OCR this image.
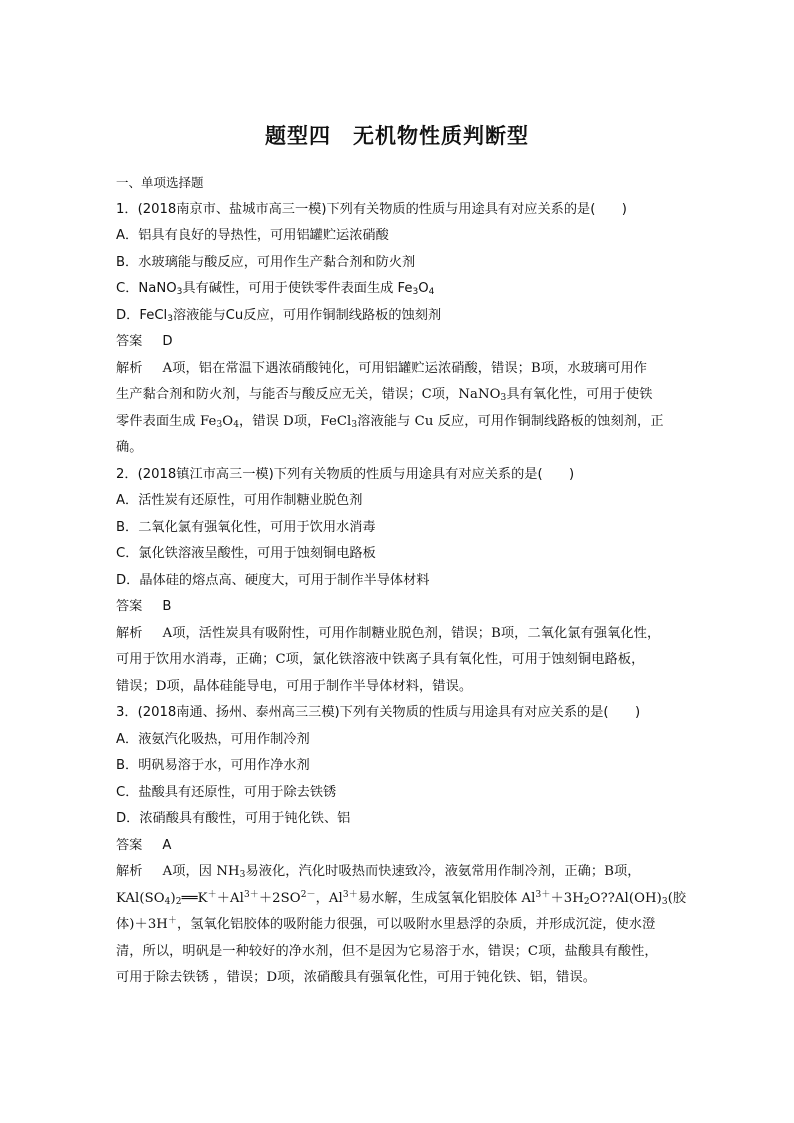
题型四　无机物性质判断型
一、单项选择题
1．(2018南京市、盐城市高三一模)下列有关物质的性质与用途具有对应关系的是(　　)
A．铝具有良好的导热性，可用铝罐贮运浓硝酸
B．水玻璃能与酸反应，可用作生产黏合剂和防火剂
C．NaNO$_3$具有碱性，可用于使铁零件表面生成 $Fe_3O_4$
D．FeCl$_3$溶液能与Cu反应，可用作铜制线路板的蚀刻剂
答案 D
解析 A项，铝在常温下遇浓硝酸钝化，可用铝罐贮运浓硝酸，错误；B项，水玻璃可用作
生产黏合剂和防火剂，与能否与酸反应无关，错误；C项，NaNO$_3$具有氧化性，可用于使铁
零件表面生成 $Fe_3O_4$，错误 D项，FeCl$_3$溶液能与 Cu 反应，可用作铜制线路板的蚀刻剂，正
确。
2．(2018镇江市高三一模)下列有关物质的性质与用途具有对应关系的是(　　)
A．活性炭有还原性，可用作制糖业脱色剂
B．二氧化氯有强氧化性，可用于饮用水消毒
C．氯化铁溶液呈酸性，可用于蚀刻铜电路板
D．晶体硅的熔点高、硬度大，可用于制作半导体材料
答案 B
解析 A项，活性炭具有吸附性，可用作制糖业脱色剂，错误；B项，二氧化氯有强氧化性，
可用于饮用水消毒，正确；C项，氯化铁溶液中铁离子具有氧化性，可用于蚀刻铜电路板，
错误；D项，晶体硅能导电，可用于制作半导体材料，错误。
3．(2018南通、扬州、泰州高三三模)下列有关物质的性质与用途具有对应关系的是(　　)
A．液氨汽化吸热，可用作制冷剂
B．明矾易溶于水，可用作净水剂
C．盐酸具有还原性，可用于除去铁锈
D．浓硝酸具有酸性，可用于钝化铁、铝
答案 A
解析 A项，因 $NH_3$易液化，汽化时吸热而快速致冷，液氨常用作制冷剂，正确；B项，
$KAl(SO_4)_2══K^++Al^{3+}+2SO^{2-}$，$Al^{3+}$易水解，生成氢氧化铝胶体 $Al^{3+}+3H_2O??Al(OH)_3$(胶
体)＋3H＋，氢氧化铝胶体的吸附能力很强，可以吸附水里悬浮的杂质，并形成沉淀，使水澄
清，所以，明矾是一种较好的净水剂，但不是因为它易溶于水，错误；C项，盐酸具有酸性，
可用于除去铁锈 ，错误；D项，浓硝酸具有强氧化性，可用于钝化铁、铝，错误。
